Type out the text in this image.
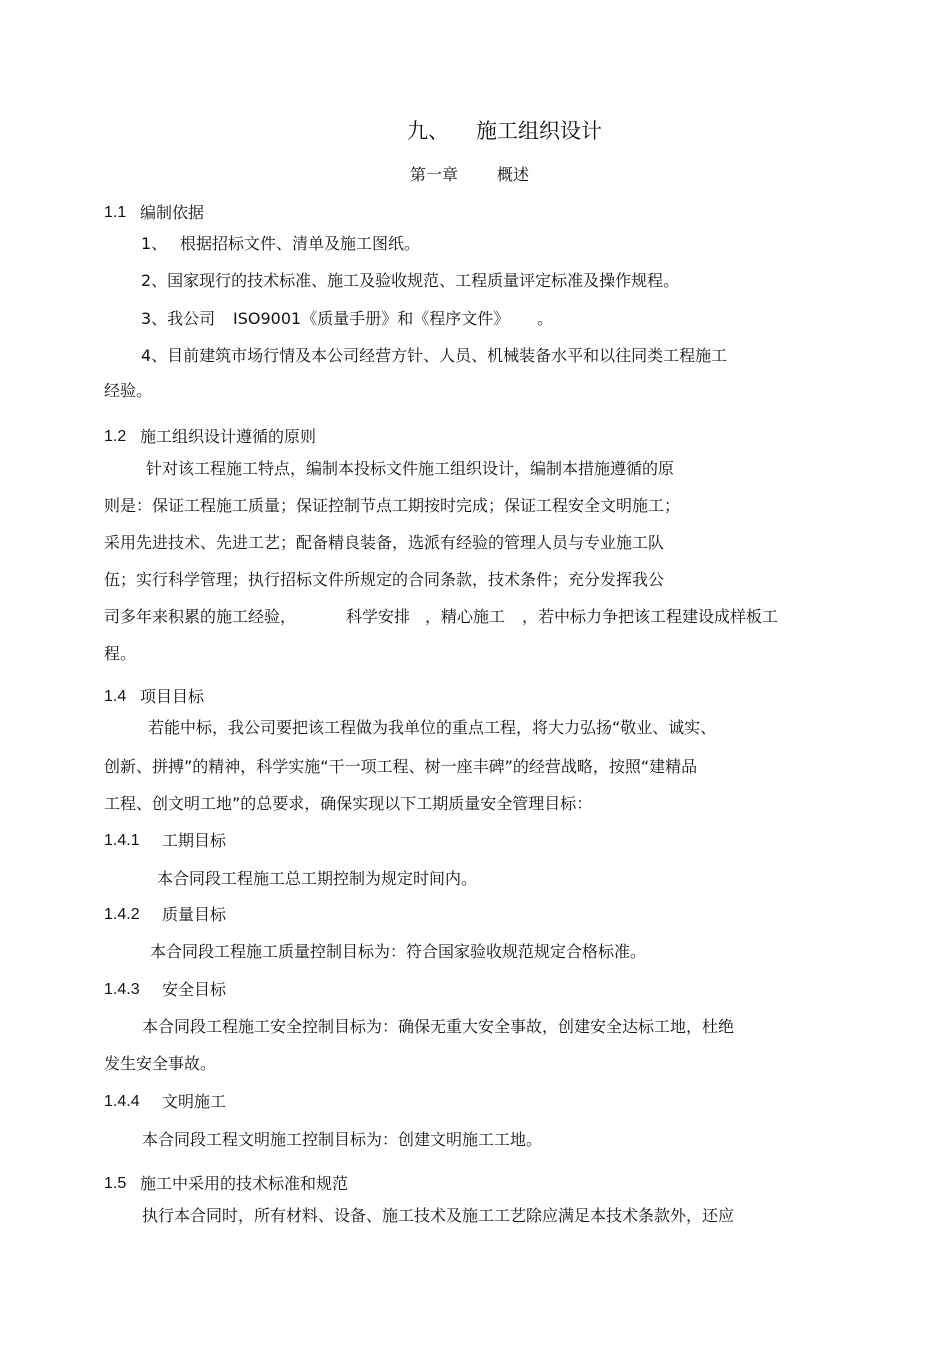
九、 施工组织设计
第一章 概述
1.1 编制依据
1、 根据招标文件、清单及施工图纸。
2、国家现行的技术标准、施工及验收规范、工程质量评定标准及操作规程。
3、我公司 ISO9001《质量手册》和《程序文件》 。
4、目前建筑市场行情及本公司经营方针、人员、机械装备水平和以往同类工程施工
经验。
1.2 施工组织设计遵循的原则
针对该工程施工特点，编制本投标文件施工组织设计，编制本措施遵循的原
则是：保证工程施工质量；保证控制节点工期按时完成；保证工程安全文明施工；
采用先进技术、先进工艺；配备精良装备，选派有经验的管理人员与专业施工队
伍；实行科学管理；执行招标文件所规定的合同条款，技术条件；充分发挥我公
司多年来积累的施工经验，	科学安排 ，精心施工 ，若中标力争把该工程建设成样板工
程。
1.4 项目目标
若能中标，我公司要把该工程做为我单位的重点工程，将大力弘扬“敬业、诚实、
创新、拼搏”的精神，科学实施“干一项工程、树一座丰碑”的经营战略，按照“建精品
工程、创文明工地”的总要求，确保实现以下工期质量安全管理目标：
1.4.1 工期目标
本合同段工程施工总工期控制为规定时间内。
1.4.2 质量目标
本合同段工程施工质量控制目标为：符合国家验收规范规定合格标准。
1.4.3 安全目标
本合同段工程施工安全控制目标为：确保无重大安全事故，创建安全达标工地，杜绝
发生安全事故。
1.4.4 文明施工
本合同段工程文明施工控制目标为：创建文明施工工地。
1.5 施工中采用的技术标准和规范
执行本合同时，所有材料、设备、施工技术及施工工艺除应满足本技术条款外，还应
